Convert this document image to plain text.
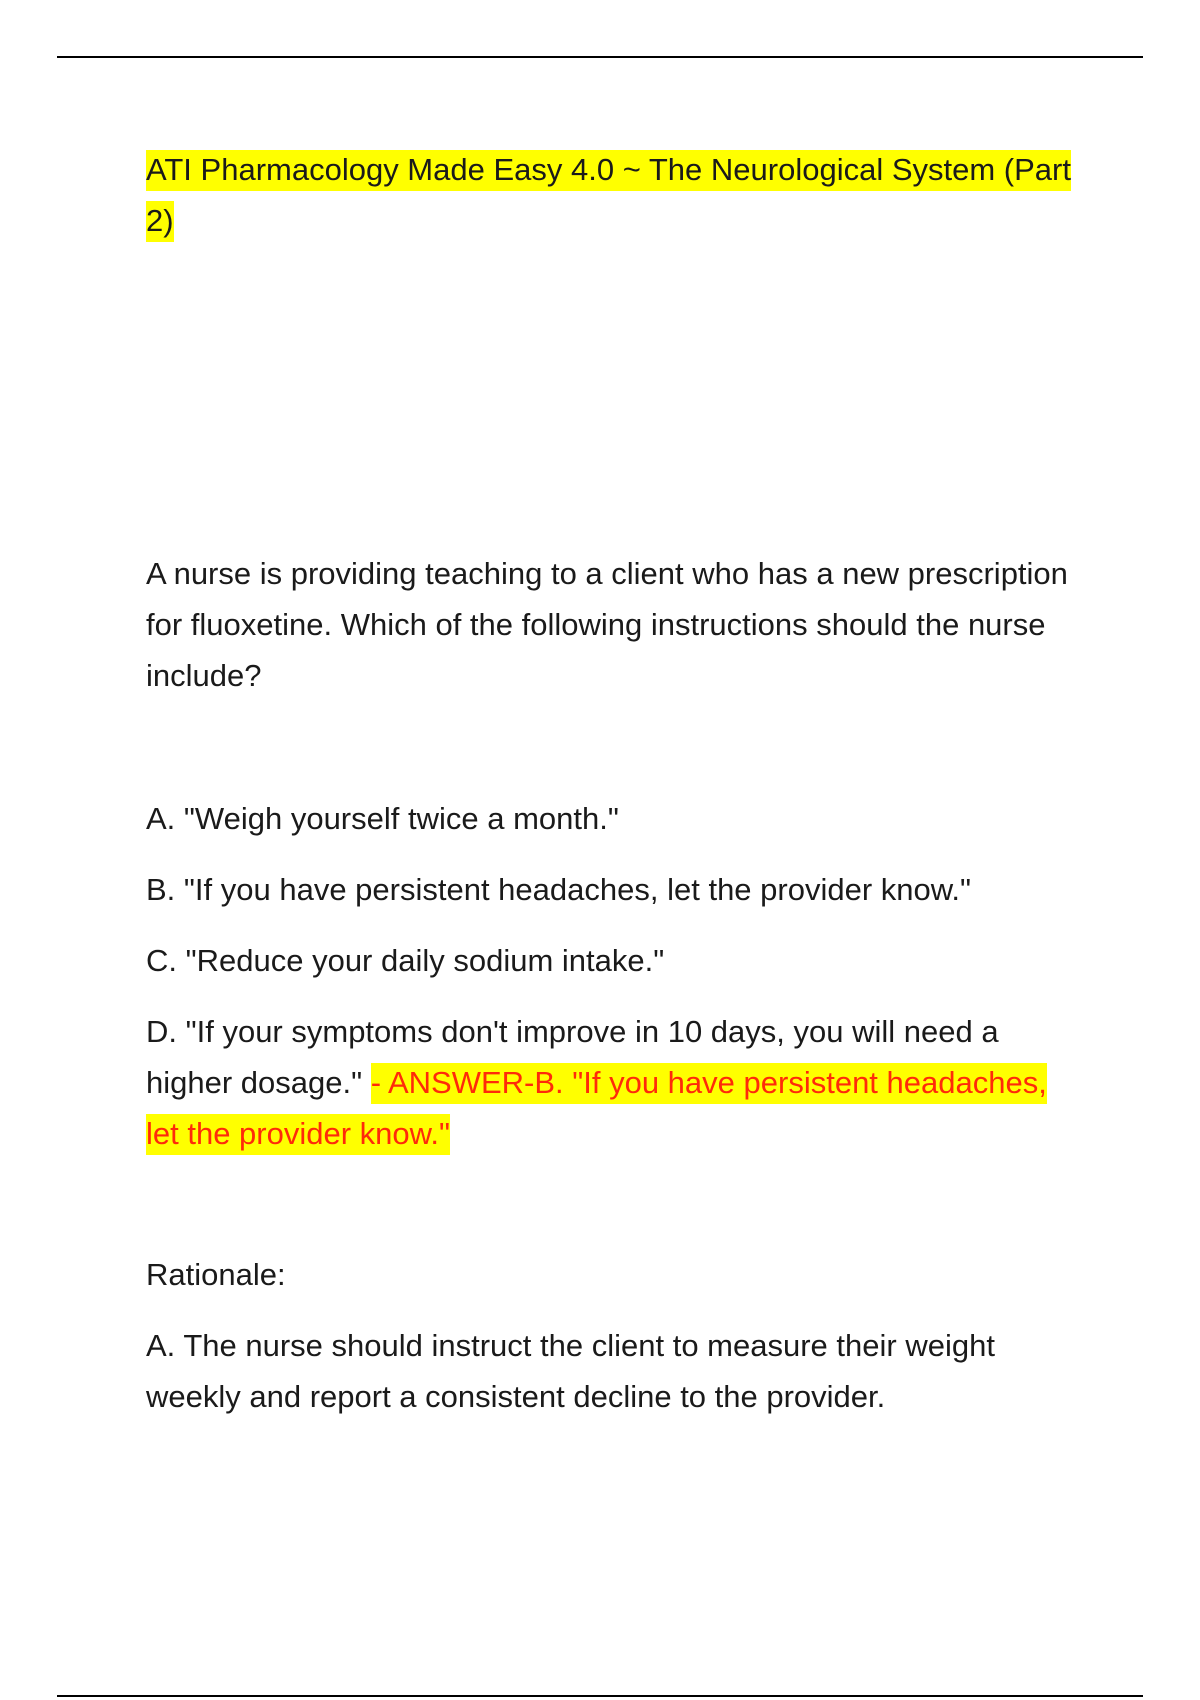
ATI Pharmacology Made Easy 4.0 ~ The Neurological System (Part 2)

A nurse is providing teaching to a client who has a new prescription for fluoxetine. Which of the following instructions should the nurse include?

A. "Weigh yourself twice a month."

B. "If you have persistent headaches, let the provider know."

C. "Reduce your daily sodium intake."

D. "If your symptoms don't improve in 10 days, you will need a higher dosage." - ANSWER-B. "If you have persistent headaches, let the provider know."

Rationale:

A. The nurse should instruct the client to measure their weight weekly and report a consistent decline to the provider.
